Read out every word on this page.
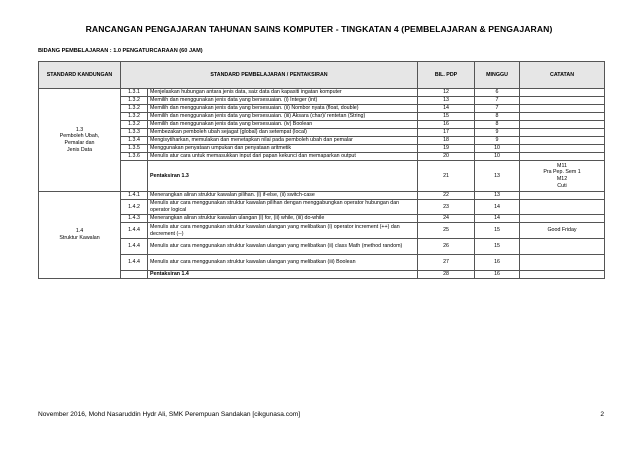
RANCANGAN PENGAJARAN TAHUNAN SAINS KOMPUTER - TINGKATAN 4 (PEMBELAJARAN & PENGAJARAN)
BIDANG PEMBELAJARAN : 1.0 PENGATURCARAAN (60 JAM)
STANDARD KANDUNGAN	STANDARD PEMBELAJARAN / PENTAKSIRAN		BIL. PDP	MINGGU	CATATAN

1.3
Pemboleh Ubah,
Pemalar dan
Jenis Data	1.3.1	Menjelaskan hubungan antara jenis data, saiz data dan kapasiti ingatan komputer	12	6	
	1.3.2	Memilih dan menggunakan jenis data yang bersesuaian. (i) Integer (int)	13	7	
	1.3.2	Memilih dan menggunakan jenis data yang bersesuaian. (ii) Nombor nyata (float, double)	14	7	
	1.3.2	Memilih dan menggunakan jenis data yang bersesuaian. (iii) Aksara (char)/ rentetan (String)	15	8	
	1.3.2	Memilih dan menggunakan jenis data yang bersesuaian. (iv) Boolean	16	8	
	1.3.3	Membezakan pemboleh ubah sejagat (global) dan setempat (local)	17	9	
	1.3.4	Mengisytiharkan, memulakan dan menetapkan nilai pada pemboleh ubah dan pemalar	18	9	
	1.3.5	Menggunakan penyataan umpukan dan penyataan aritmetik	19	10	
	1.3.6	Menulis atur cara untuk memasukkan input dari papan kekunci dan memaparkan output	20	10	
		Pentaksiran 1.3	21	13	M11
Pra Pep. Sem 1
M12
Cuti

1.4
Struktur Kawalan	1.4.1	Menerangkan aliran struktur kawalan pilihan. (i) if-else, (ii) switch-case	22	13	
	1.4.2	Menulis atur cara menggunakan struktur kawalan pilihan dengan menggabungkan operator hubungan dan operator logical	23	14	
	1.4.3	Menerangkan aliran struktur kawalan ulangan (i) for, (ii) while, (iii) do-while	24	14	
	1.4.4	Menulis atur cara menggunakan struktur kawalan ulangan yang melibatkan (i) operator increment (++) dan decrement (--)	25	15	Good Friday
	1.4.4	Menulis atur cara menggunakan struktur kawalan ulangan yang melibatkan (ii) class Math (method random)	26	15	
	1.4.4	Menulis atur cara menggunakan struktur kawalan ulangan yang melibatkan (iii) Boolean	27	16	
		Pentaksiran 1.4	28	16	
November 2016, Mohd Nasaruddin Hydr Ali, SMK Perempuan Sandakan [cikgunasa.com]	2
